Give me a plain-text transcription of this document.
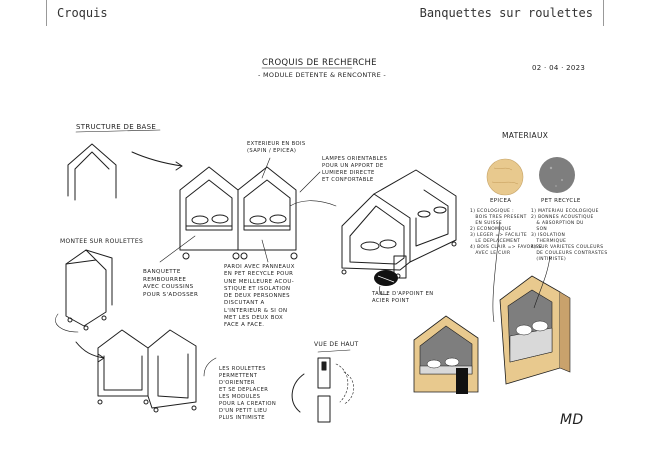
Croquis	Banquettes sur roulettes
CROQUIS DE RECHERCHE
- MODULE DETENTE & RENCONTRE -
02 · 04 · 2023
STRUCTURE DE BASE
MONTEE SUR ROULETTES
VUE DE HAUT
MATERIAUX
EPICEA	PET RECYCLE
EXTERIEUR EN BOIS
(SAPIN / EPICEA)
LAMPES ORIENTABLES
POUR UN APPORT DE
LUMIERE DIRECTE
ET CONFORTABLE
BANQUETTE
REMBOURREE
AVEC COUSSINS
POUR S'ADOSSER
PAROI AVEC PANNEAUX
EN PET RECYCLE POUR
UNE MEILLEURE ACOU-
STIQUE ET ISOLATION
DE DEUX PERSONNES
DISCUTANT A
L'INTERIEUR & SI ON
MET LES DEUX BOX
FACE A FACE.
TABLE D'APPOINT EN
ACIER POINT
LES ROULETTES
PERMETTENT
D'ORIENTER
ET SE DEPLACER
LES MODULES
POUR LA CREATION
D'UN PETIT LIEU
PLUS INTIMISTE
1) ECOLOGIQUE :
BOIS TRES PRESENT
EN SUISSE
2) ECONOMIQUE
3) LEGER => FACILITE
LE DEPLACEMENT
4) BOIS CLAIR => FAVORISE
AVEC LE CUIR
1) MATERIAU ECOLOGIQUE
2) BONNES ACOUSTIQUE
& ABSORPTION DU
SON
3) ISOLATION
THERMIQUE
4) SUR VARIETES COULEURS
DE COULEURS CONTRASTES
(INTIMISTE)
MD
